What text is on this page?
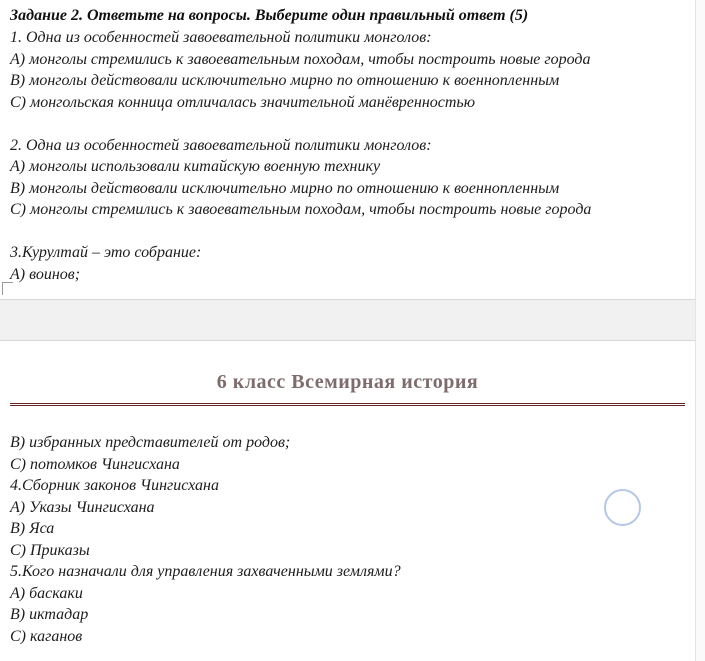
Задание 2. Ответьте на вопросы. Выберите один правильный ответ (5)
1. Одна из особенностей завоевательной политики монголов:
А) монголы стремились к завоевательным походам, чтобы построить новые города
В) монголы действовали исключительно мирно по отношению к военнопленным
С) монгольская конница отличалась значительной манёвренностью

2. Одна из особенностей завоевательной политики монголов:
А) монголы использовали китайскую военную технику
В) монголы действовали исключительно мирно по отношению к военнопленным
С) монголы стремились к завоевательным походам, чтобы построить новые города

3.Курултай – это собрание:
А) воинов;
6 класс Всемирная история
В) избранных представителей от родов;
С) потомков Чингисхана
4.Сборник законов Чингисхана
А) Указы Чингисхана
В) Яса
С) Приказы
5.Кого назначали для управления захваченными землями?
А) баскаки
В) иктадар
С) каганов
